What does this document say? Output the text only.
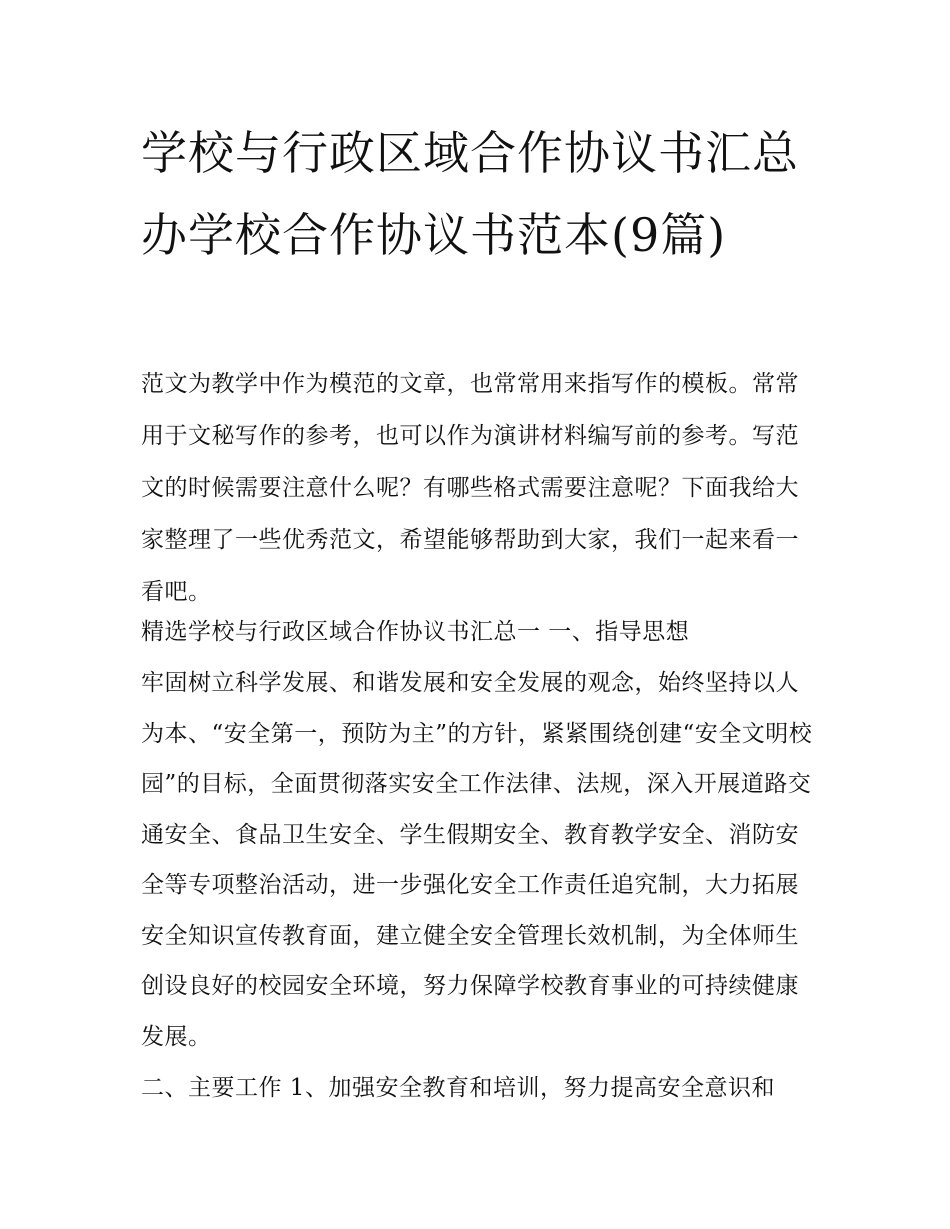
学校与行政区域合作协议书汇总 办学校合作协议书范本(9篇)

范文为教学中作为模范的文章，也常常用来指写作的模板。常常用于文秘写作的参考，也可以作为演讲材料编写前的参考。写范文的时候需要注意什么呢？有哪些格式需要注意呢？下面我给大家整理了一些优秀范文，希望能够帮助到大家，我们一起来看一看吧。

精选学校与行政区域合作协议书汇总一 一、指导思想

牢固树立科学发展、和谐发展和安全发展的观念，始终坚持以人为本、“安全第一，预防为主”的方针，紧紧围绕创建“安全文明校园”的目标，全面贯彻落实安全工作法律、法规，深入开展道路交通安全、食品卫生安全、学生假期安全、教育教学安全、消防安全等专项整治活动，进一步强化安全工作责任追究制，大力拓展安全知识宣传教育面，建立健全安全管理长效机制，为全体师生创设良好的校园安全环境，努力保障学校教育事业的可持续健康发展。

二、主要工作 1、加强安全教育和培训，努力提高安全意识和
